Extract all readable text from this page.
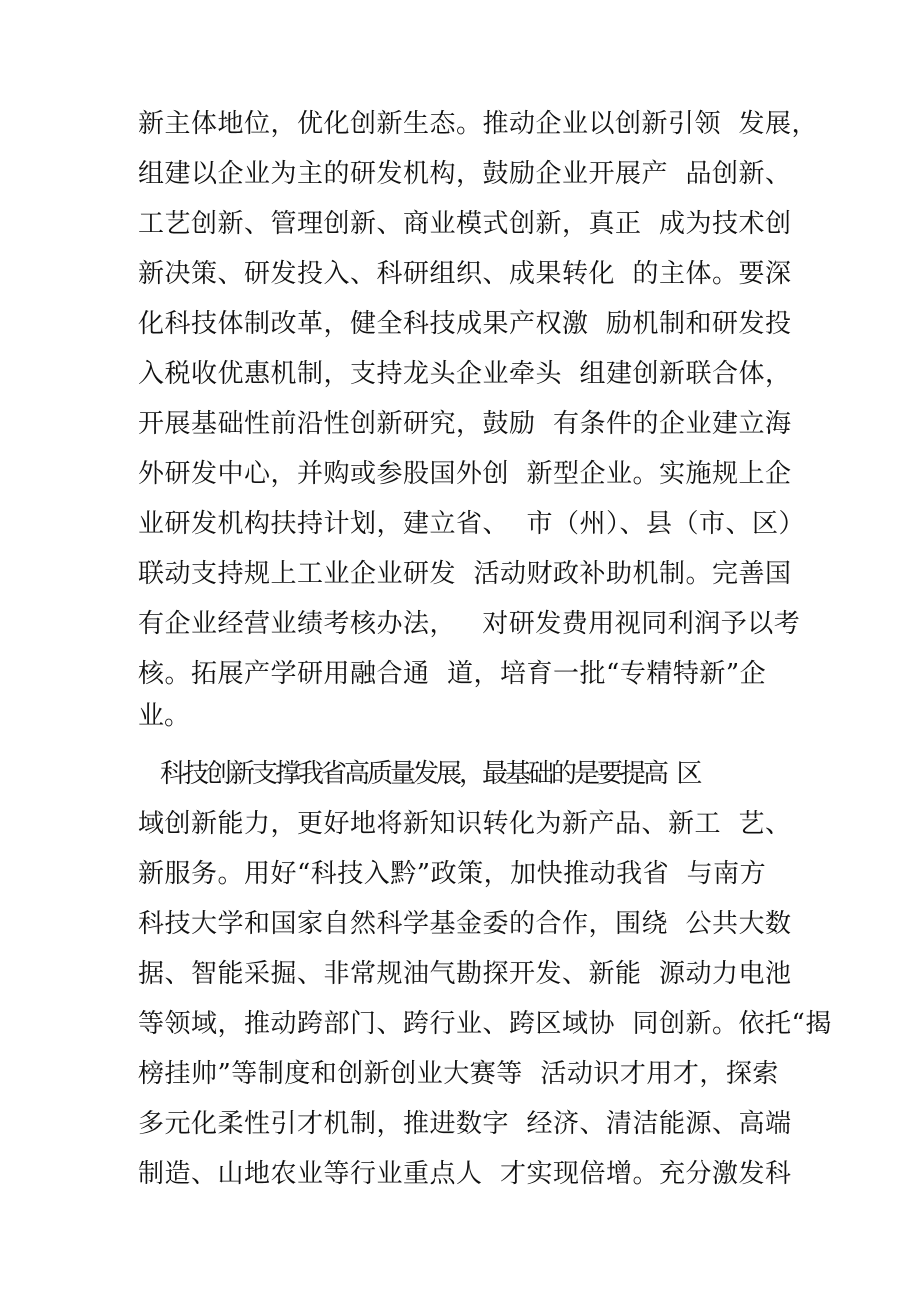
新主体地位，优化创新生态。推动企业以创新引领  发展，
组建以企业为主的研发机构，鼓励企业开展产  品创新、
工艺创新、管理创新、商业模式创新，真正  成为技术创
新决策、研发投入、科研组织、成果转化  的主体。要深
化科技体制改革，健全科技成果产权激  励机制和研发投
入税收优惠机制，支持龙头企业牵头  组建创新联合体，
开展基础性前沿性创新研究，鼓励  有条件的企业建立海
外研发中心，并购或参股国外创  新型企业。实施规上企
业研发机构扶持计划，建立省、  市（州）、县（市、区）
联动支持规上工业企业研发  活动财政补助机制。完善国
有企业经营业绩考核办法，   对研发费用视同利润予以考
核。拓展产学研用融合通  道，培育一批“专精特新”企
业。
科技创新支撑我省高质量发展，最基础的是要提高  区
域创新能力，更好地将新知识转化为新产品、新工  艺、
新服务。用好“科技入黔”政策，加快推动我省  与南方
科技大学和国家自然科学基金委的合作，围绕  公共大数
据、智能采掘、非常规油气勘探开发、新能  源动力电池
等领域，推动跨部门、跨行业、跨区域协  同创新。依托“揭
榜挂帅”等制度和创新创业大赛等  活动识才用才，探索
多元化柔性引才机制，推进数字  经济、清洁能源、高端
制造、山地农业等行业重点人  才实现倍增。充分激发科
